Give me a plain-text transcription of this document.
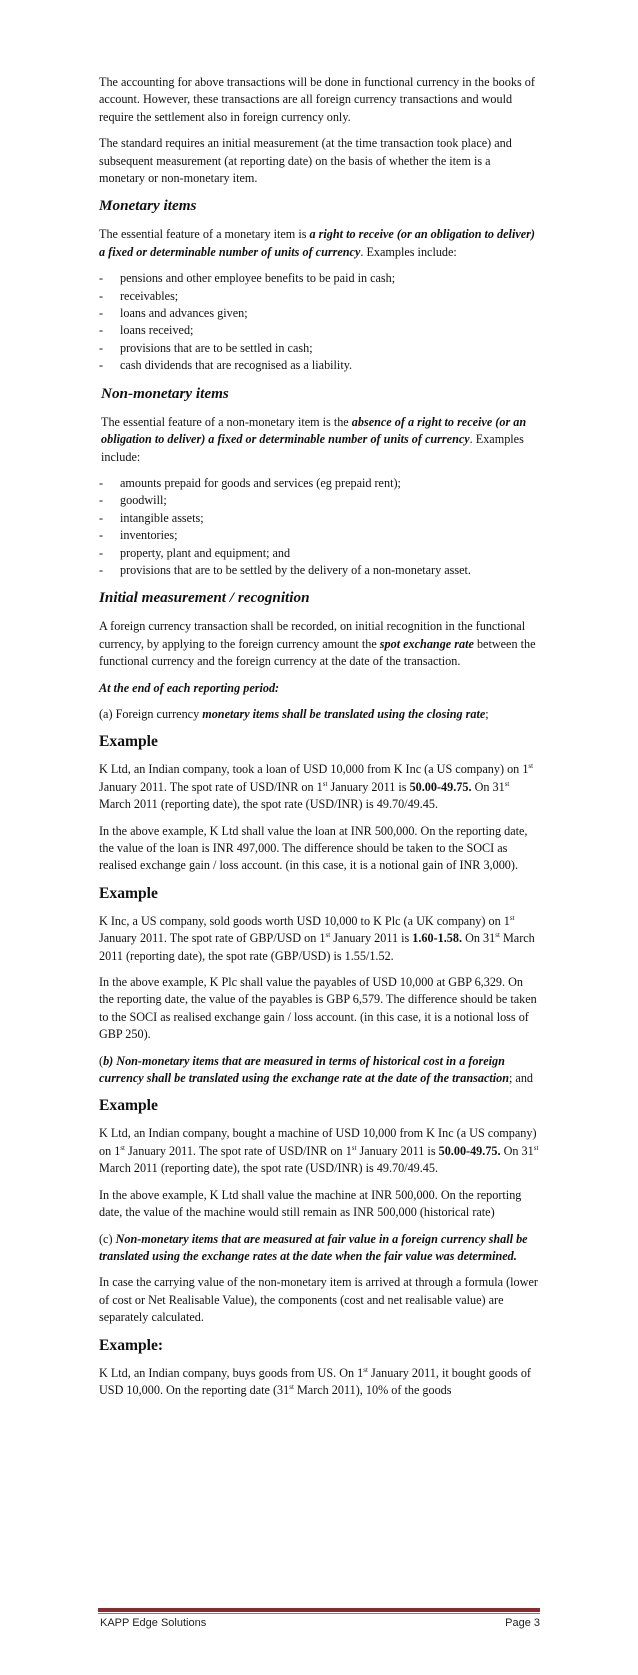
The accounting for above transactions will be done in functional currency in the books of account. However, these transactions are all foreign currency transactions and would require the settlement also in foreign currency only.

The standard requires an initial measurement (at the time transaction took place) and subsequent measurement (at reporting date) on the basis of whether the item is a monetary or non-monetary item.

Monetary items

The essential feature of a monetary item is a right to receive (or an obligation to deliver) a fixed or determinable number of units of currency. Examples include:

- pensions and other employee benefits to be paid in cash;
- receivables;
- loans and advances given;
- loans received;
- provisions that are to be settled in cash;
- cash dividends that are recognised as a liability.
Non-monetary items

The essential feature of a non-monetary item is the absence of a right to receive (or an obligation to deliver) a fixed or determinable number of units of currency. Examples include:

- amounts prepaid for goods and services (eg prepaid rent);
- goodwill;
- intangible assets;
- inventories;
- property, plant and equipment; and
- provisions that are to be settled by the delivery of a non-monetary asset.
Initial measurement / recognition

A foreign currency transaction shall be recorded, on initial recognition in the functional currency, by applying to the foreign currency amount the spot exchange rate between the functional currency and the foreign currency at the date of the transaction.

At the end of each reporting period:

(a) Foreign currency monetary items shall be translated using the closing rate;

Example

K Ltd, an Indian company, took a loan of USD 10,000 from K Inc (a US company) on 1st January 2011. The spot rate of USD/INR on 1st January 2011 is 50.00-49.75. On 31st March 2011 (reporting date), the spot rate (USD/INR) is 49.70/49.45.

In the above example, K Ltd shall value the loan at INR 500,000. On the reporting date, the value of the loan is INR 497,000. The difference should be taken to the SOCI as realised exchange gain / loss account. (in this case, it is a notional gain of INR 3,000).

Example

K Inc, a US company, sold goods worth USD 10,000 to K Plc (a UK company) on 1st January 2011. The spot rate of GBP/USD on 1st January 2011 is 1.60-1.58. On 31st March 2011 (reporting date), the spot rate (GBP/USD) is 1.55/1.52.

In the above example, K Plc shall value the payables of USD 10,000 at GBP 6,329. On the reporting date, the value of the payables is GBP 6,579. The difference should be taken to the SOCI as realised exchange gain / loss account. (in this case, it is a notional loss of GBP 250).

(b) Non-monetary items that are measured in terms of historical cost in a foreign currency shall be translated using the exchange rate at the date of the transaction; and

Example

K Ltd, an Indian company, bought a machine of USD 10,000 from K Inc (a US company) on 1st January 2011. The spot rate of USD/INR on 1st January 2011 is 50.00-49.75. On 31st March 2011 (reporting date), the spot rate (USD/INR) is 49.70/49.45.

In the above example, K Ltd shall value the machine at INR 500,000. On the reporting date, the value of the machine would still remain as INR 500,000 (historical rate)

(c) Non-monetary items that are measured at fair value in a foreign currency shall be translated using the exchange rates at the date when the fair value was determined.

In case the carrying value of the non-monetary item is arrived at through a formula (lower of cost or Net Realisable Value), the components (cost and net realisable value) are separately calculated.

Example:

K Ltd, an Indian company, buys goods from US. On 1st January 2011, it bought goods of USD 10,000. On the reporting date (31st March 2011), 10% of the goods

KAPP Edge Solutions	Page 3
